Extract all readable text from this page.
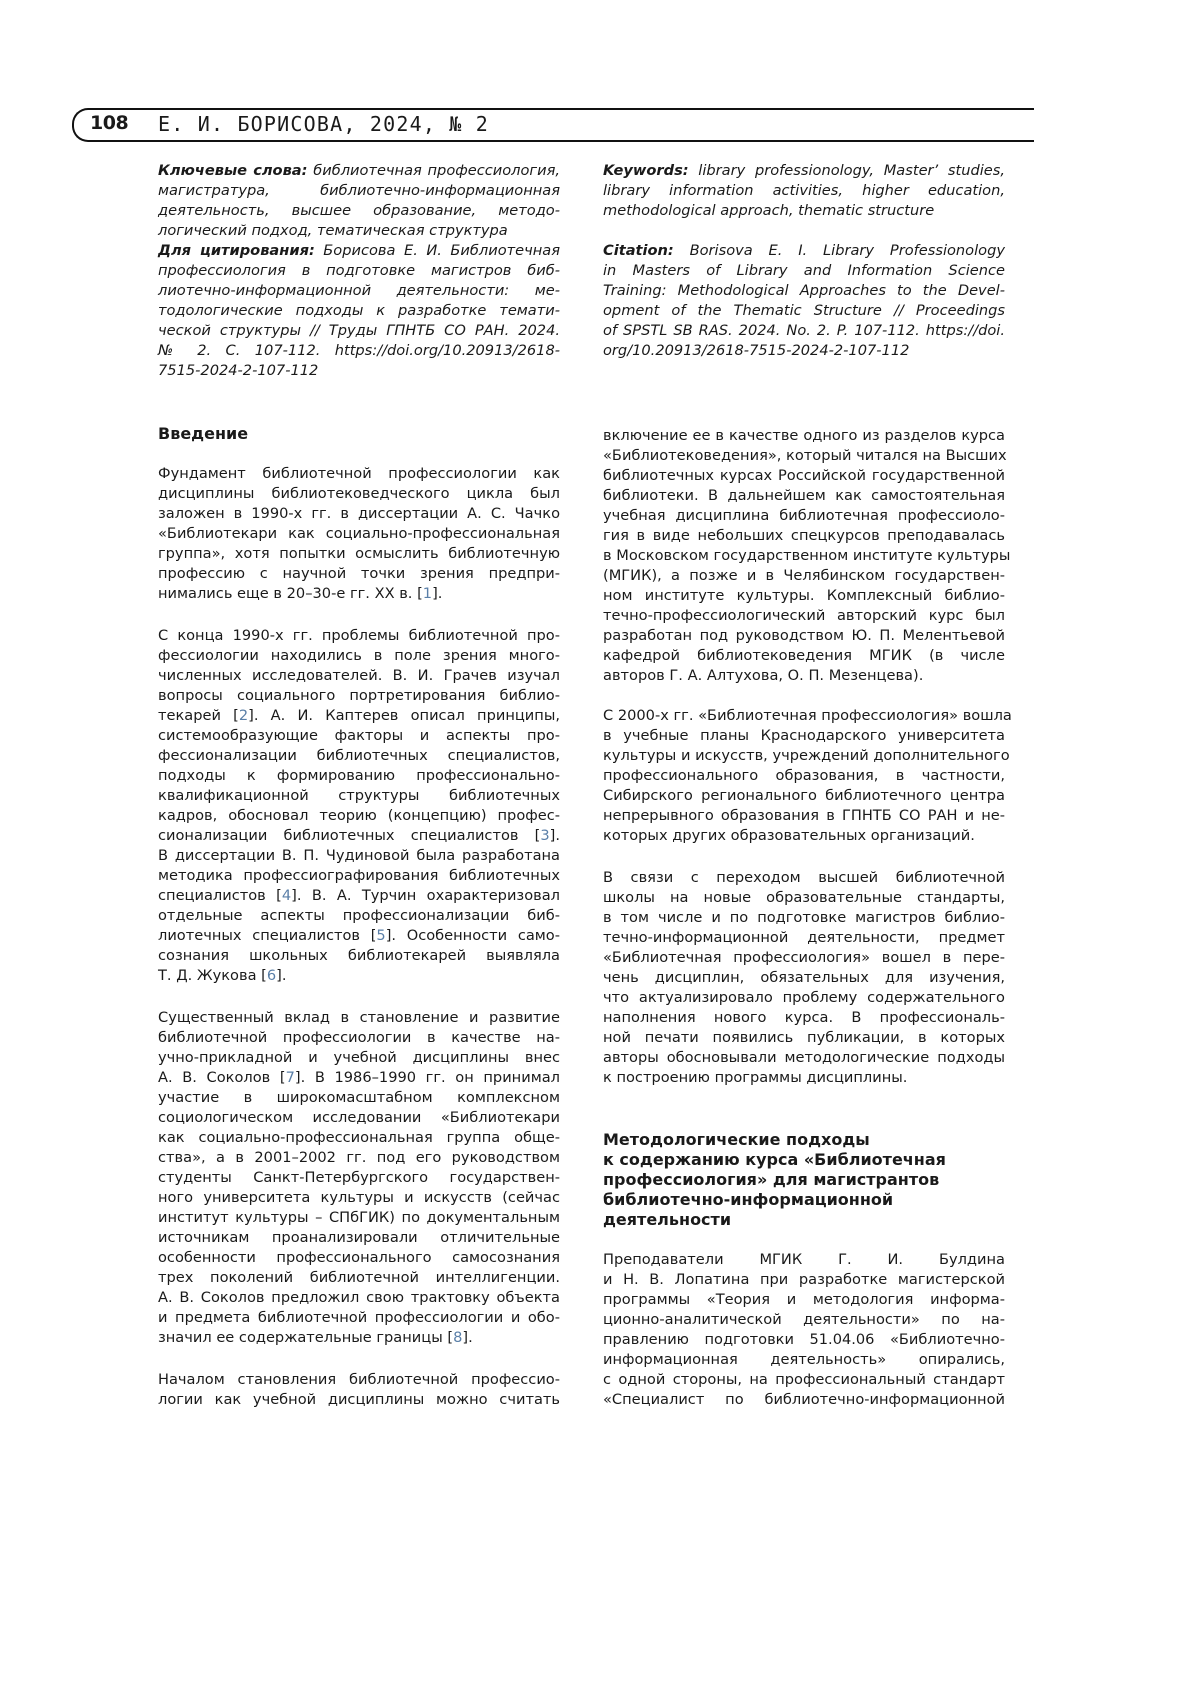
108 Е. И. БОРИСОВА, 2024, № 2
Ключевые слова: библиотечная профессиология,
магистратура, библиотечно-информационная
деятельность, высшее образование, методо-
логический подход, тематическая структура
Для цитирования: Борисова Е. И. Библиотечная
профессиология в подготовке магистров биб-
лиотечно-информационной деятельности: ме-
тодологические подходы к разработке темати-
ческой структуры // Труды ГПНТБ СО РАН. 2024.
№ 2. С. 107-112. https://doi.org/10.20913/2618-
7515-2024-2-107-112
Keywords: library professionology, Master’ studies,
library information activities, higher education,
methodological approach, thematic structure
Citation: Borisova E. I. Library Professionology
in Masters of Library and Information Science
Training: Methodological Approaches to the Devel-
opment of the Thematic Structure // Proceedings
of SPSTL SB RAS. 2024. No. 2. P. 107-112. https://doi.
org/10.20913/2618-7515-2024-2-107-112
Введение
Фундамент библиотечной профессиологии как
дисциплины библиотековедческого цикла был
заложен в 1990-х гг. в диссертации А. С. Чачко
«Библиотекари как социально-профессиональная
группа», хотя попытки осмыслить библиотечную
профессию с научной точки зрения предпри-
нимались еще в 20–30-е гг. XX в. [1].
С конца 1990-х гг. проблемы библиотечной про-
фессиологии находились в поле зрения много-
численных исследователей. В. И. Грачев изучал
вопросы социального портретирования библио-
текарей [2]. А. И. Каптерев описал принципы,
системообразующие факторы и аспекты про-
фессионализации библиотечных специалистов,
подходы к формированию профессионально-
квалификационной структуры библиотечных
кадров, обосновал теорию (концепцию) профес-
сионализации библиотечных специалистов [3].
В диссертации В. П. Чудиновой была разработана
методика профессиографирования библиотечных
специалистов [4]. В. А. Турчин охарактеризовал
отдельные аспекты профессионализации биб-
лиотечных специалистов [5]. Особенности само-
сознания школьных библиотекарей выявляла
Т. Д. Жукова [6].
Существенный вклад в становление и развитие
библиотечной профессиологии в качестве на-
учно-прикладной и учебной дисциплины внес
А. В. Соколов [7]. В 1986–1990 гг. он принимал
участие в широкомасштабном комплексном
социологическом исследовании «Библиотекари
как социально-профессиональная группа обще-
ства», а в 2001–2002 гг. под его руководством
студенты Санкт-Петербургского государствен-
ного университета культуры и искусств (сейчас
институт культуры – СПбГИК) по документальным
источникам проанализировали отличительные
особенности профессионального самосознания
трех поколений библиотечной интеллигенции.
А. В. Соколов предложил свою трактовку объекта
и предмета библиотечной профессиологии и обо-
значил ее содержательные границы [8].
Началом становления библиотечной профессио-
логии как учебной дисциплины можно считать
включение ее в качестве одного из разделов курса
«Библиотековедения», который читался на Высших
библиотечных курсах Российской государственной
библиотеки. В дальнейшем как самостоятельная
учебная дисциплина библиотечная профессиоло-
гия в виде небольших спецкурсов преподавалась
в Московском государственном институте культуры
(МГИК), а позже и в Челябинском государствен-
ном институте культуры. Комплексный библио-
течно-профессиологический авторский курс был
разработан под руководством Ю. П. Мелентьевой
кафедрой библиотековедения МГИК (в числе
авторов Г. А. Алтухова, О. П. Мезенцева).
С 2000-х гг. «Библиотечная профессиология» вошла
в учебные планы Краснодарского университета
культуры и искусств, учреждений дополнительного
профессионального образования, в частности,
Сибирского регионального библиотечного центра
непрерывного образования в ГПНТБ СО РАН и не-
которых других образовательных организаций.
В связи с переходом высшей библиотечной
школы на новые образовательные стандарты,
в том числе и по подготовке магистров библио-
течно-информационной деятельности, предмет
«Библиотечная профессиология» вошел в пере-
чень дисциплин, обязательных для изучения,
что актуализировало проблему содержательного
наполнения нового курса. В профессиональ-
ной печати появились публикации, в которых
авторы обосновывали методологические подходы
к построению программы дисциплины.
Методологические подходы
к содержанию курса «Библиотечная
профессиология» для магистрантов
библиотечно-информационной
деятельности
Преподаватели МГИК Г. И. Булдина
и Н. В. Лопатина при разработке магистерской
программы «Теория и методология информа-
ционно-аналитической деятельности» по на-
правлению подготовки 51.04.06 «Библиотечно-
информационная деятельность» опирались,
с одной стороны, на профессиональный стандарт
«Специалист по библиотечно-информационной
